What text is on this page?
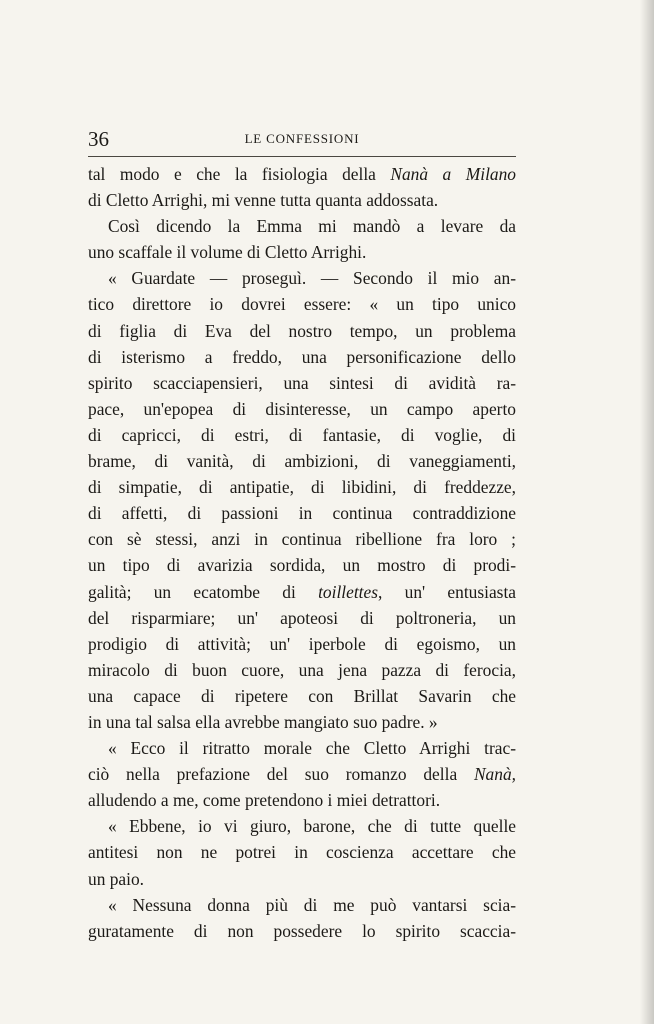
36	LE CONFESSIONI
tal modo e che la fisiologia della Nanà a Milano
di Cletto Arrighi, mi venne tutta quanta addossata.
Così dicendo la Emma mi mandò a levare da
uno scaffale il volume di Cletto Arrighi.
« Guardate — proseguì. — Secondo il mio an-
tico direttore io dovrei essere: « un tipo unico
di figlia di Eva del nostro tempo, un problema
di isterismo a freddo, una personificazione dello
spirito scacciapensieri, una sintesi di avidità ra-
pace, un'epopea di disinteresse, un campo aperto
di capricci, di estri, di fantasie, di voglie, di
brame, di vanità, di ambizioni, di vaneggiamenti,
di simpatie, di antipatie, di libidini, di freddezze,
di affetti, di passioni in continua contraddizione
con sè stessi, anzi in continua ribellione fra loro ;
un tipo di avarizia sordida, un mostro di prodi-
galità; un ecatombe di toillettes, un' entusiasta
del risparmiare; un' apoteosi di poltroneria, un
prodigio di attività; un' iperbole di egoismo, un
miracolo di buon cuore, una jena pazza di ferocia,
una capace di ripetere con Brillat Savarin che
in una tal salsa ella avrebbe mangiato suo padre. »
« Ecco il ritratto morale che Cletto Arrighi trac-
ciò nella prefazione del suo romanzo della Nanà,
alludendo a me, come pretendono i miei detrattori.
« Ebbene, io vi giuro, barone, che di tutte quelle
antitesi non ne potrei in coscienza accettare che
un paio.
« Nessuna donna più di me può vantarsi scia-
guratamente di non possedere lo spirito scaccia-
